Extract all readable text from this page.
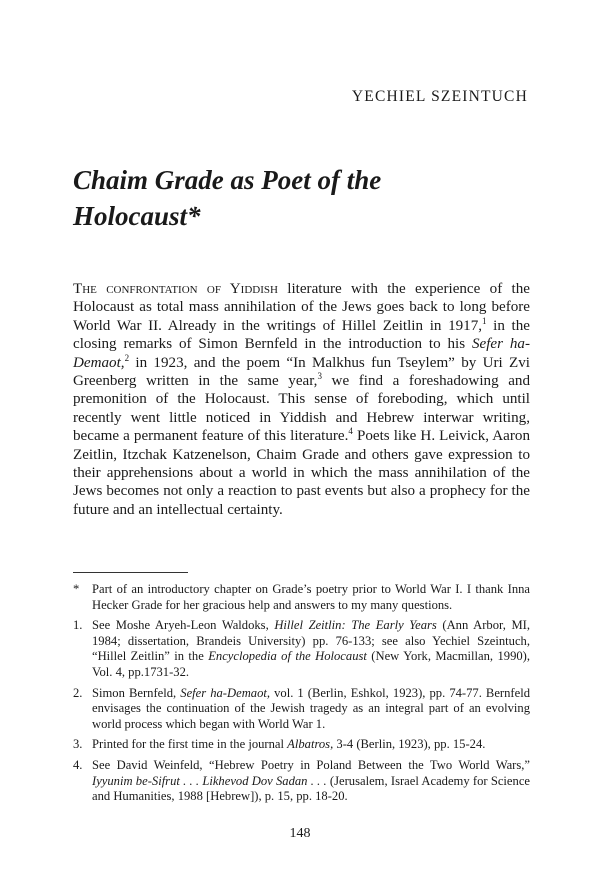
YECHIEL SZEINTUCH
Chaim Grade as Poet of the
Holocaust*

The confrontation of Yiddish literature with the experience of the Holocaust as total mass annihilation of the Jews goes back to long before World War II. Already in the writings of Hillel Zeitlin in 1917,$^1$ in the closing remarks of Simon Bernfeld in the introduction to his Sefer ha-Demaot,$^2$ in 1923, and the poem “In Malkhus fun Tseylem” by Uri Zvi Greenberg written in the same year,$^3$ we find a foreshadowing and premonition of the Holocaust. This sense of foreboding, which until recently went little noticed in Yiddish and Hebrew interwar writing, became a permanent feature of this literature.$^4$ Poets like H. Leivick, Aaron Zeitlin, Itzchak Katzenelson, Chaim Grade and others gave expression to their apprehensions about a world in which the mass annihilation of the Jews becomes not only a reaction to past events but also a prophecy for the future and an intellectual certainty.

* Part of an introductory chapter on Grade’s poetry prior to World War I. I thank Inna Hecker Grade for her gracious help and answers to my many questions.
1. See Moshe Aryeh-Leon Waldoks, Hillel Zeitlin: The Early Years (Ann Arbor, MI, 1984; dissertation, Brandeis University) pp. 76-133; see also Yechiel Szeintuch, “Hillel Zeitlin” in the Encyclopedia of the Holocaust (New York, Macmillan, 1990), Vol. 4, pp.1731-32.
2. Simon Bernfeld, Sefer ha-Demaot, vol. 1 (Berlin, Eshkol, 1923), pp. 74-77. Bernfeld envisages the continuation of the Jewish tragedy as an integral part of an evolving world process which began with World War 1.
3. Printed for the first time in the journal Albatros, 3-4 (Berlin, 1923), pp. 15-24.
4. See David Weinfeld, “Hebrew Poetry in Poland Between the Two World Wars,” Iyyunim be-Sifrut . . . Likhevod Dov Sadan . . . (Jerusalem, Israel Academy for Science and Humanities, 1988 [Hebrew]), p. 15, pp. 18-20.
148
